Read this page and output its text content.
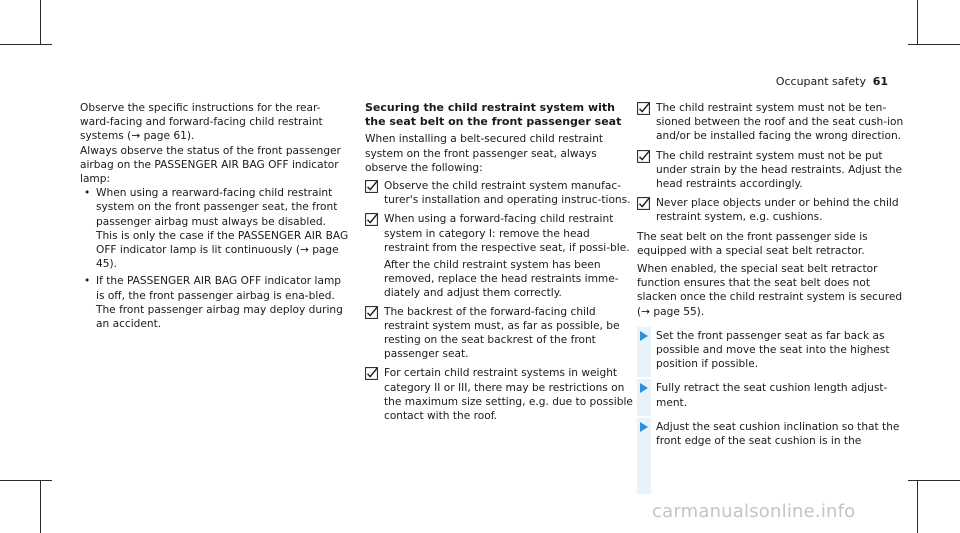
Occupant safety 61

Observe the specific instructions for the rear-ward-facing and forward-facing child restraint systems (→ page 61).

Always observe the status of the front passenger airbag on the PASSENGER AIR BAG OFF indicator lamp:

• When using a rearward-facing child restraint system on the front passenger seat, the front passenger airbag must always be disabled. This is only the case if the PASSENGER AIR BAG OFF indicator lamp is lit continuously (→ page 45).
• If the PASSENGER AIR BAG OFF indicator lamp is off, the front passenger airbag is ena-bled. The front passenger airbag may deploy during an accident.

Securing the child restraint system with the seat belt on the front passenger seat

When installing a belt-secured child restraint system on the front passenger seat, always observe the following:

Observe the child restraint system manufac-turer's installation and operating instruc-tions.
When using a forward-facing child restraint system in category I: remove the head restraint from the respective seat, if possi-ble.

After the child restraint system has been removed, replace the head restraints imme-diately and adjust them correctly.

The backrest of the forward-facing child restraint system must, as far as possible, be resting on the seat backrest of the front passenger seat.
For certain child restraint systems in weight category II or III, there may be restrictions on the maximum size setting, e.g. due to possible contact with the roof.
The child restraint system must not be ten-sioned between the roof and the seat cush-ion and/or be installed facing the wrong direction.
The child restraint system must not be put under strain by the head restraints. Adjust the head restraints accordingly.
Never place objects under or behind the child restraint system, e.g. cushions.

The seat belt on the front passenger side is equipped with a special seat belt retractor.

When enabled, the special seat belt retractor function ensures that the seat belt does not slacken once the child restraint system is secured (→ page 55).

Set the front passenger seat as far back as possible and move the seat into the highest position if possible.
Fully retract the seat cushion length adjust-ment.
Adjust the seat cushion inclination so that the front edge of the seat cushion is in the
carmanualsonline.info
